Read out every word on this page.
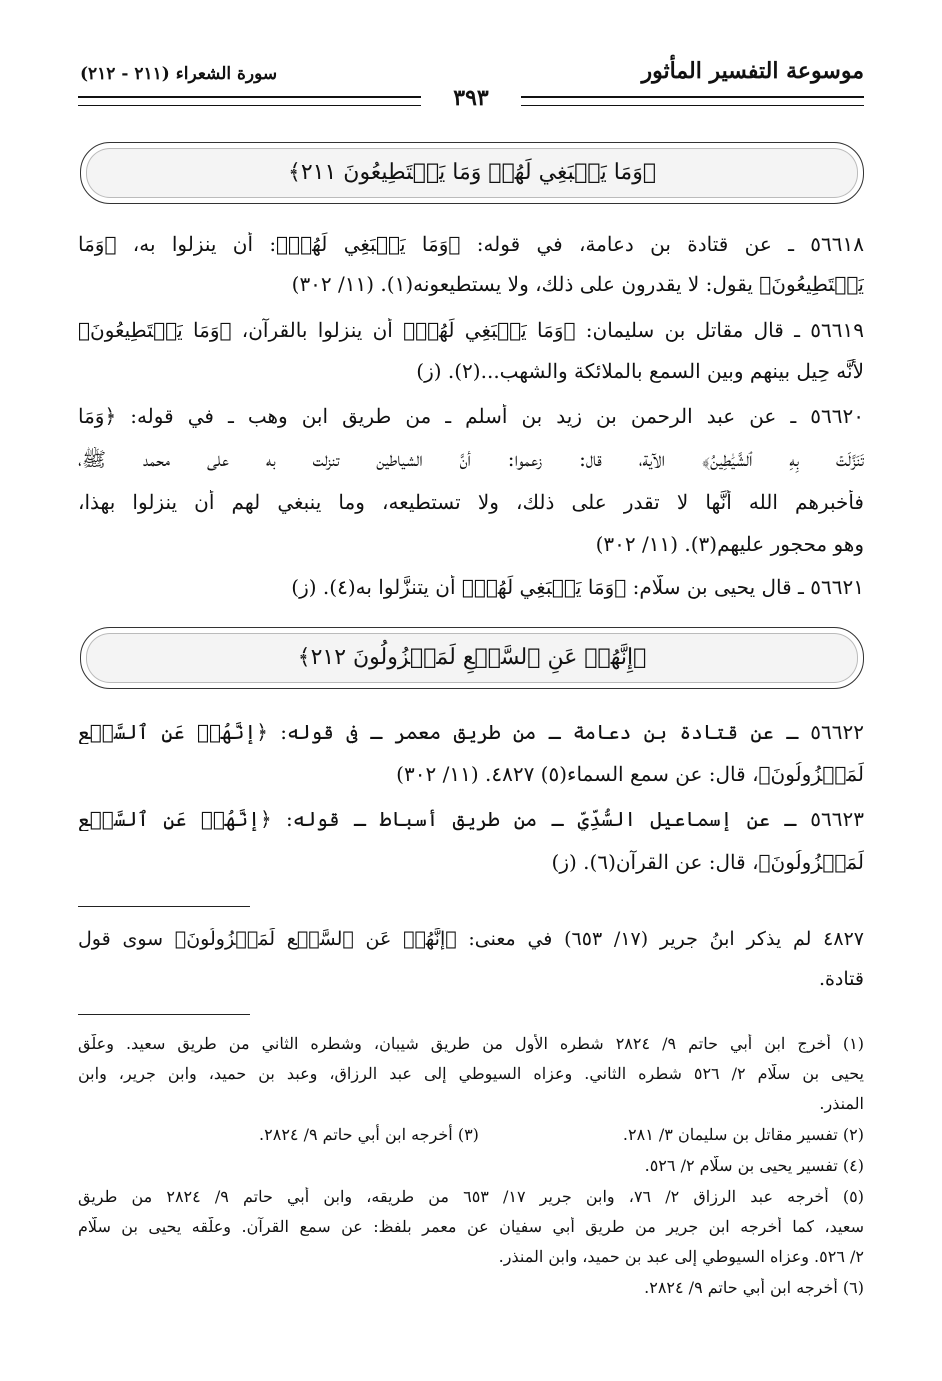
موسوعة التفسير المأثور
سورة الشعراء (٢١١ - ٢١٢)
٣٩٣
﴿وَمَا يَنۢبَغِي لَهُمۡ وَمَا يَسۡتَطِيعُونَ ٢١١﴾
٥٦٦١٨ ـ عن قتادة بن دعامة، في قوله: ﴿وَمَا يَنۢبَغِي لَهُمۡ﴾: أن ينزلوا به، ﴿وَمَا
يَسۡتَطِيعُونَ﴾ يقول: لا يقدرون على ذلك، ولا يستطيعونه(١). (١١/ ٣٠٢)
٥٦٦١٩ ـ قال مقاتل بن سليمان: ﴿وَمَا يَنۢبَغِي لَهُمۡ﴾ أن ينزلوا بالقرآن، ﴿وَمَا يَسۡتَطِيعُونَ﴾
لأنَّه حِيل بينهم وبين السمع بالملائكة والشهب...(٢). (ز)
٥٦٦٢٠ ـ عن عبد الرحمن بن زيد بن أسلم ـ من طريق ابن وهب ـ في قوله: ﴿وَمَا
تَنَزَّلَتۡ بِهِ ٱلشَّيَٰطِينُ﴾ الآية، قال: زعموا: أنَّ الشياطين تنزلت به على محمد ﷺ،
فأخبرهم الله أنَّها لا تقدر على ذلك، ولا تستطيعه، وما ينبغي لهم أن ينزلوا بهذا،
وهو محجور عليهم(٣). (١١/ ٣٠٢)
٥٦٦٢١ ـ قال يحيى بن سلّام: ﴿وَمَا يَنۢبَغِي لَهُمۡ﴾ أن يتنزَّلوا به(٤). (ز)
﴿إِنَّهُمۡ عَنِ ٱلسَّمۡعِ لَمَعۡزُولُونَ ٢١٢﴾
٥٦٦٢٢ ـ عن قتادة بن دعامة ـ من طريق معمر ـ في قوله: ﴿إِنَّهُمۡ عَنِ ٱلسَّمۡعِ
لَمَعۡزُولُونَ﴾، قال: عن سمع السماء(٥) ٤٨٢٧. (١١/ ٣٠٢)
٥٦٦٢٣ ـ عن إسماعيل السُّدِّيّ ـ من طريق أسباط ـ قوله: ﴿إِنَّهُمۡ عَنِ ٱلسَّمۡعِ
لَمَعۡزُولُونَ﴾، قال: عن القرآن(٦). (ز)
٤٨٢٧ لم يذكر ابنُ جرير (١٧/ ٦٥٣) في معنى: ﴿إِنَّهُمۡ عَنِ ٱلسَّمۡعِ لَمَعۡزُولُونَ﴾ سوى قول
قتادة.
(١) أخرج ابن أبي حاتم ٩/ ٢٨٢٤ شطره الأول من طريق شيبان، وشطره الثاني من طريق سعيد. وعلّق
يحيى بن سلّام ٢/ ٥٢٦ شطره الثاني. وعزاه السيوطي إلى عبد الرزاق، وعبد بن حميد، وابن جرير، وابن
المنذر.
(٢) تفسير مقاتل بن سليمان ٣/ ٢٨١. (٣) أخرجه ابن أبي حاتم ٩/ ٢٨٢٤.
(٤) تفسير يحيى بن سلّام ٢/ ٥٢٦.
(٥) أخرجه عبد الرزاق ٢/ ٧٦، وابن جرير ١٧/ ٦٥٣ من طريقه، وابن أبي حاتم ٩/ ٢٨٢٤ من طريق
سعيد، كما أخرجه ابن جرير من طريق أبي سفيان عن معمر بلفظ: عن سمع القرآن. وعلّقه يحيى بن سلّام
٢/ ٥٢٦. وعزاه السيوطي إلى عبد بن حميد، وابن المنذر.
(٦) أخرجه ابن أبي حاتم ٩/ ٢٨٢٤.
